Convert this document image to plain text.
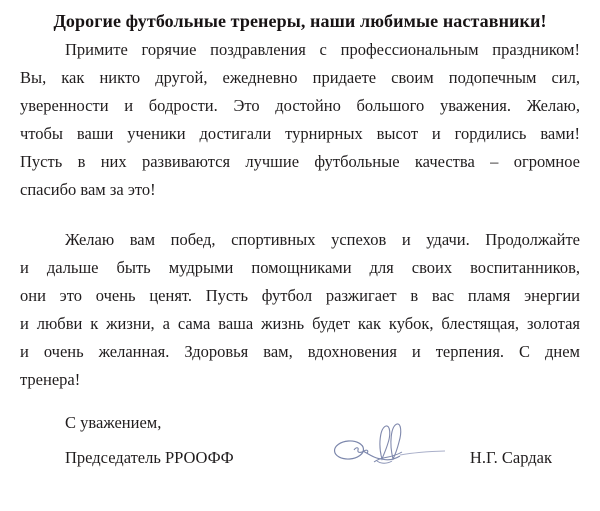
Дорогие футбольные тренеры, наши любимые наставники!
Примите горячие поздравления с профессиональным праздником!
Вы, как никто другой, ежедневно придаете своим подопечным сил,
уверенности и бодрости. Это достойно большого уважения. Желаю,
чтобы ваши ученики достигали турнирных высот и гордились вами!
Пусть в них развиваются лучшие футбольные качества – огромное
спасибо вам за это!
Желаю вам побед, спортивных успехов и удачи. Продолжайте
и дальше быть мудрыми помощниками для своих воспитанников,
они это очень ценят. Пусть футбол разжигает в вас пламя энергии
и любви к жизни, а сама ваша жизнь будет как кубок, блестящая, золотая
и очень желанная. Здоровья вам, вдохновения и терпения. С днем
тренера!
С уважением,
Председатель РРООФФ	Н.Г. Сардак
